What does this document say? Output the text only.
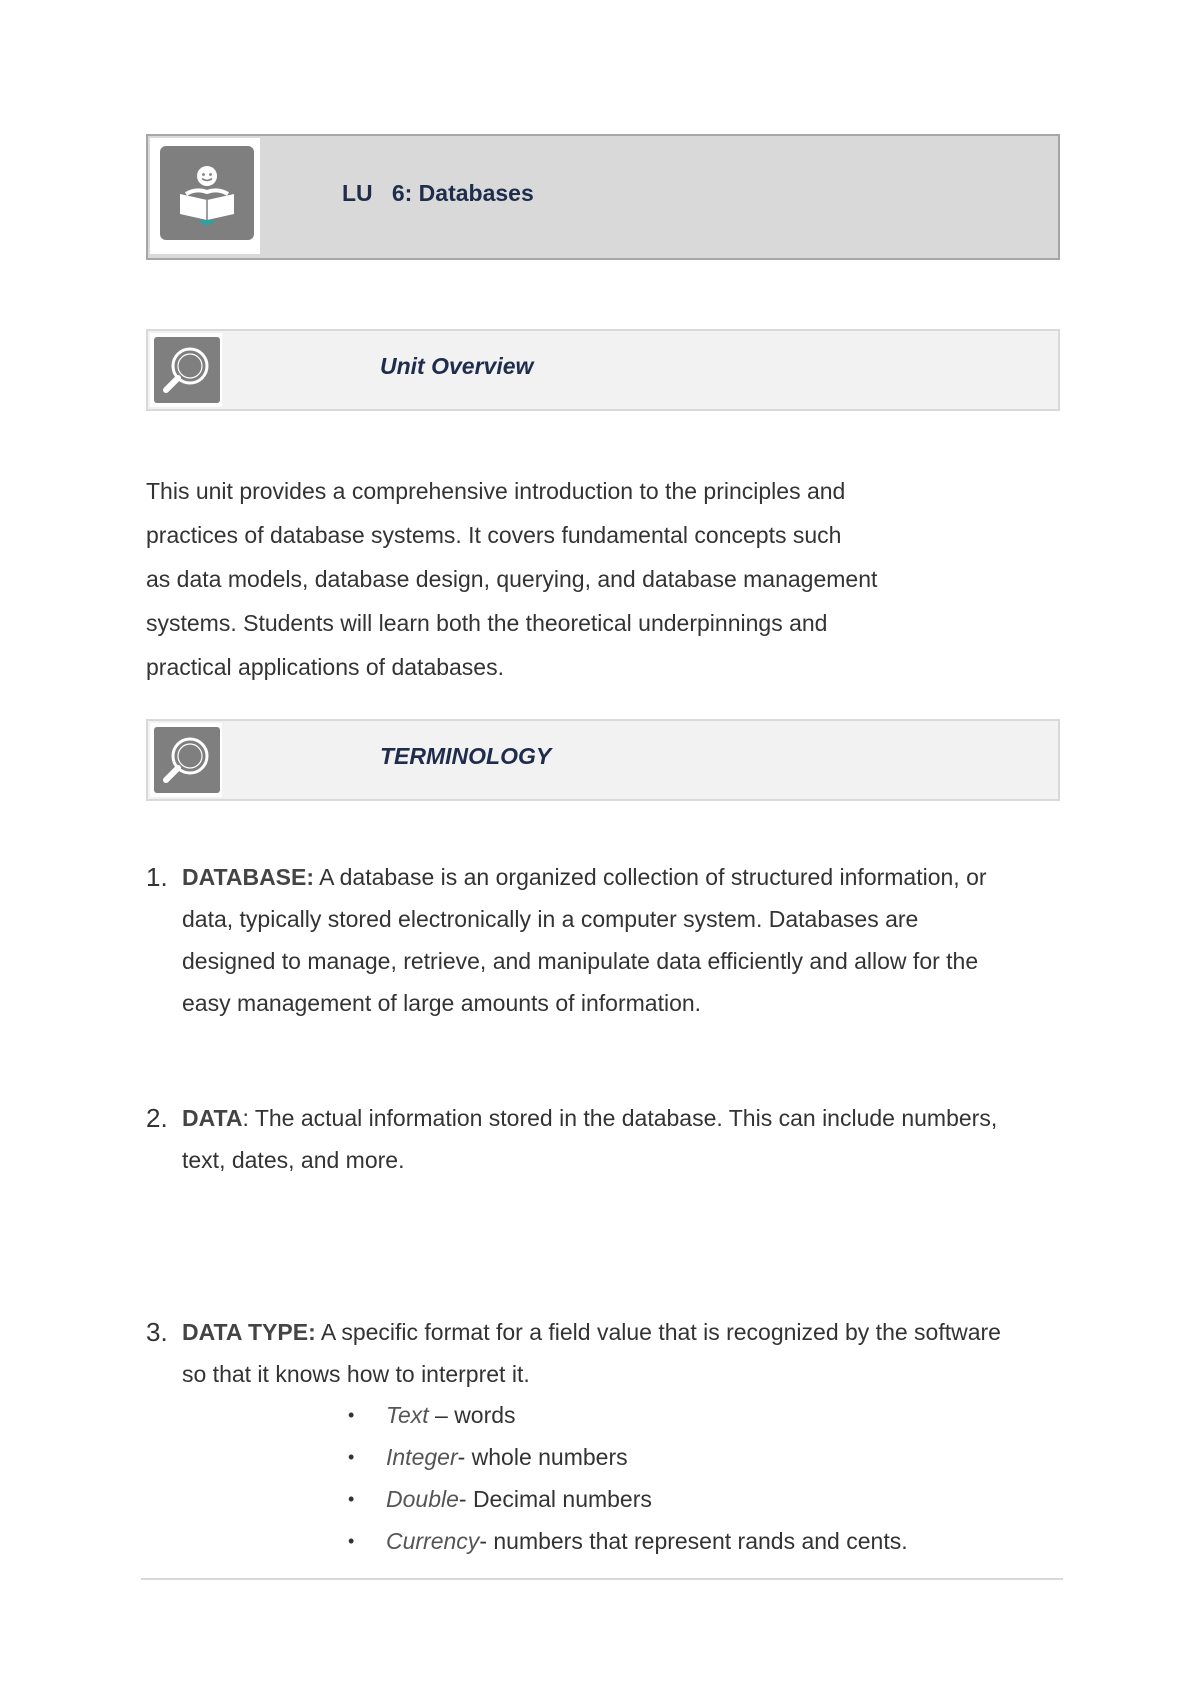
LU   6: Databases
Unit Overview
This unit provides a comprehensive introduction to the principles and
practices of database systems. It covers fundamental concepts such
as data models, database design, querying, and database management
systems. Students will learn both the theoretical underpinnings and
practical applications of databases.
TERMINOLOGY
1. DATABASE: A database is an organized collection of structured information, or
data, typically stored electronically in a computer system. Databases are
designed to manage, retrieve, and manipulate data efficiently and allow for the
easy management of large amounts of information.
2. DATA: The actual information stored in the database. This can include numbers,
text, dates, and more.
3. DATA TYPE: A specific format for a field value that is recognized by the software
so that it knows how to interpret it.
• Text – words
• Integer- whole numbers
• Double- Decimal numbers
• Currency- numbers that represent rands and cents.
